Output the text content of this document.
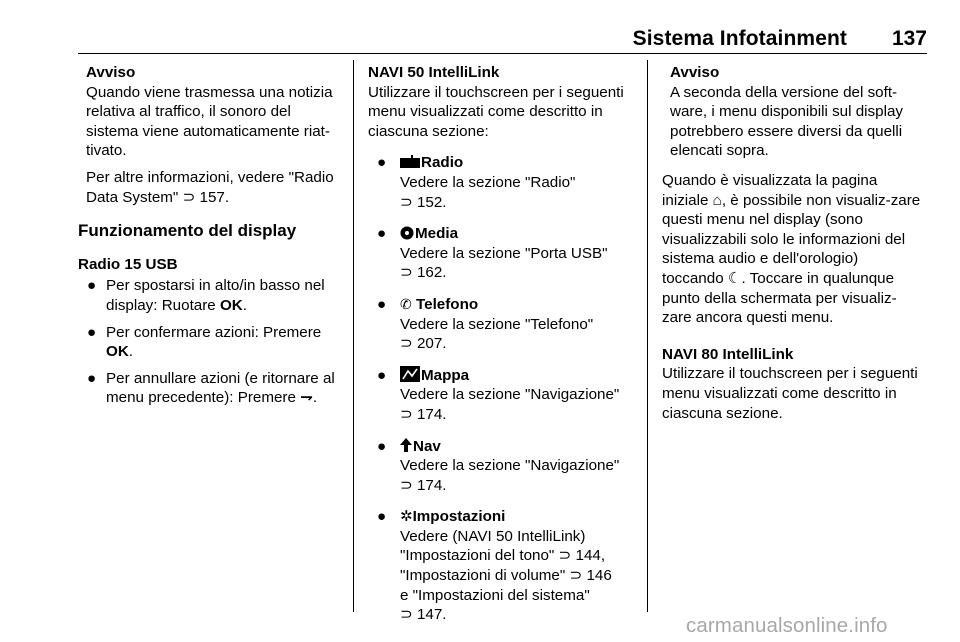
Sistema Infotainment 137

Avviso

Quando viene trasmessa una notizia relativa al traffico, il sonoro del sistema viene automaticamente riat-tivato.

Per altre informazioni, vedere "Radio Data System" ⊃ 157.

Funzionamento del display
Radio 15 USB
● Per spostarsi in alto/in basso nel display: Ruotare OK.
● Per confermare azioni: Premere OK.
● Per annullare azioni (e ritornare al menu precedente): Premere ⇁.

NAVI 50 IntelliLink

Utilizzare il touchscreen per i seguenti menu visualizzati come descritto in ciascuna sezione:

●	Radio

Vedere la sezione "Radio"

⊃ 152.

●	Media

Vedere la sezione "Porta USB"

⊃ 162.

● ✆ Telefono

Vedere la sezione "Telefono"

⊃ 207.

●	Mappa

Vedere la sezione "Navigazione"

⊃ 174.

●	Nav

Vedere la sezione "Navigazione"

⊃ 174.

● ✲Impostazioni

Vedere (NAVI 50 IntelliLink) "Impostazioni del tono" ⊃ 144,

"Impostazioni di volume" ⊃ 146

e "Impostazioni del sistema"

⊃ 147.

Avviso

A seconda della versione del soft-ware, i menu disponibili sul display potrebbero essere diversi da quelli elencati sopra.

Quando è visualizzata la pagina iniziale ⌂, è possibile non visualiz-zare questi menu nel display (sono visualizzabili solo le informazioni del sistema audio e dell'orologio) toccando ☾. Toccare in qualunque punto della schermata per visualiz-zare ancora questi menu.

NAVI 80 IntelliLink

Utilizzare il touchscreen per i seguenti menu visualizzati come descritto in ciascuna sezione.

carmanualsonline.info
